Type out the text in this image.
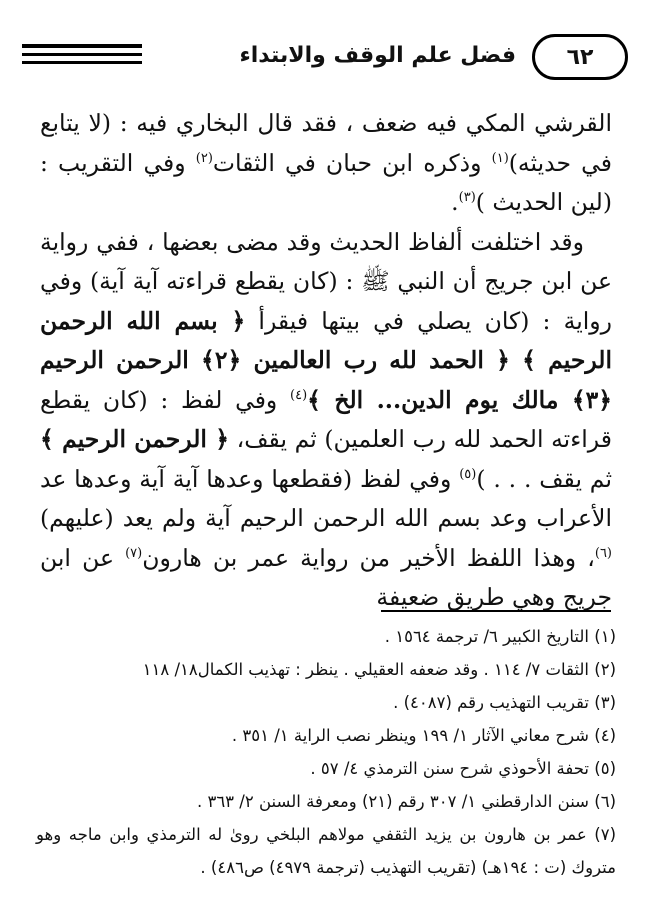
٦٢
فضل علم الوقف والابتداء

القرشي المكي فيه ضعف ، فقد قال البخاري فيه : (لا يتابع في حديثه)$^{(١)}$ وذكره ابن حبان في الثقات$^{(٢)}$ وفي التقريب : (لين الحديث )$^{(٣)}$.

وقد اختلفت ألفاظ الحديث وقد مضى بعضها ، ففي رواية عن ابن جريج أن النبي ﷺ : (كان يقطع قراءته آية آية) وفي رواية : (كان يصلي في بيتها فيقرأ ﴿ بسم الله الرحمن الرحيم ﴾ ﴿ الحمد لله رب العالمين ﴿٢﴾ الرحمن الرحيم ﴿٣﴾ مالك يوم الدين... الخ ﴾$^{(٤)}$ وفي لفظ : (كان يقطع قراءته الحمد لله رب العلمين) ثم يقف، ﴿ الرحمن الرحيم ﴾ ثم يقف . . . )$^{(٥)}$ وفي لفظ (فقطعها وعدها آية آية وعدها عد الأعراب وعد بسم الله الرحمن الرحيم آية ولم يعد (عليهم)$^{(٦)}$، وهذا اللفظ الأخير من رواية عمر بن هارون$^{(٧)}$ عن ابن جريج وهي طريق ضعيفة

(١) التاريخ الكبير ٦/ ترجمة ١٥٦٤ .
(٢) الثقات ٧/ ١١٤ . وقد ضعفه العقيلي . ينظر : تهذيب الكمال١٨/ ١١٨
(٣) تقريب التهذيب رقم (٤٠٨٧) .
(٤) شرح معاني الآثار ١/ ١٩٩ وينظر نصب الراية ١/ ٣٥١ .
(٥) تحفة الأحوذي شرح سنن الترمذي ٤/ ٥٧ .
(٦) سنن الدارقطني ١/ ٣٠٧ رقم (٢١) ومعرفة السنن ٢/ ٣٦٣ .
(٧) عمر بن هارون بن يزيد الثقفي مولاهم البلخي روىٰ له الترمذي وابن ماجه وهو متروك (ت : ١٩٤هـ) (تقريب التهذيب (ترجمة ٤٩٧٩) ص٤٨٦) .
